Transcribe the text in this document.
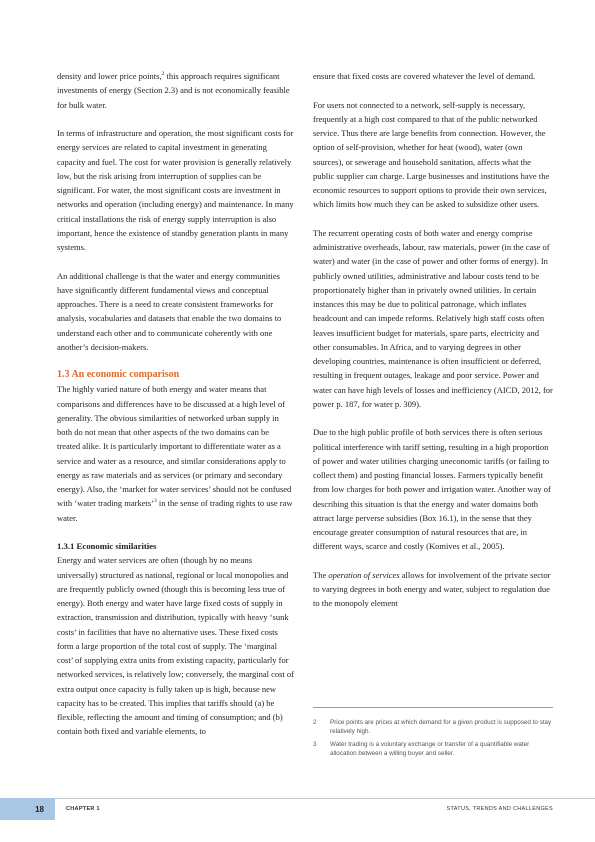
density and lower price points,$^2$ this approach requires significant investments of energy (Section 2.3) and is not economically feasible for bulk water.

In terms of infrastructure and operation, the most significant costs for energy services are related to capital investment in generating capacity and fuel. The cost for water provision is generally relatively low, but the risk arising from interruption of supplies can be significant. For water, the most significant costs are investment in networks and operation (including energy) and maintenance. In many critical installations the risk of energy supply interruption is also important, hence the existence of standby generation plants in many systems.

An additional challenge is that the water and energy communities have significantly different fundamental views and conceptual approaches. There is a need to create consistent frameworks for analysis, vocabularies and datasets that enable the two domains to understand each other and to communicate coherently with one another’s decision-makers.

1.3 An economic comparison

The highly varied nature of both energy and water means that comparisons and differences have to be discussed at a high level of generality. The obvious similarities of networked urban supply in both do not mean that other aspects of the two domains can be treated alike. It is particularly important to differentiate water as a service and water as a resource, and similar considerations apply to energy as raw materials and as services (or primary and secondary energy). Also, the ‘market for water services’ should not be confused with ‘water trading markets’$^3$ in the sense of trading rights to use raw water.

1.3.1 Economic similarities

Energy and water services are often (though by no means universally) structured as national, regional or local monopolies and are frequently publicly owned (though this is becoming less true of energy). Both energy and water have large fixed costs of supply in extraction, transmission and distribution, typically with heavy ‘sunk costs’ in facilities that have no alternative uses. These fixed costs form a large proportion of the total cost of supply. The ‘marginal cost’ of supplying extra units from existing capacity, particularly for networked services, is relatively low; conversely, the marginal cost of extra output once capacity is fully taken up is high, because new capacity has to be created. This implies that tariffs should (a) be flexible, reflecting the amount and timing of consumption; and (b) contain both fixed and variable elements, to

ensure that fixed costs are covered whatever the level of demand.

For users not connected to a network, self-supply is necessary, frequently at a high cost compared to that of the public networked service. Thus there are large benefits from connection. However, the option of self-provision, whether for heat (wood), water (own sources), or sewerage and household sanitation, affects what the public supplier can charge. Large businesses and institutions have the economic resources to support options to provide their own services, which limits how much they can be asked to subsidize other users.

The recurrent operating costs of both water and energy comprise administrative overheads, labour, raw materials, power (in the case of water) and water (in the case of power and other forms of energy). In publicly owned utilities, administrative and labour costs tend to be proportionately higher than in privately owned utilities. In certain instances this may be due to political patronage, which inflates headcount and can impede reforms. Relatively high staff costs often leaves insufficient budget for materials, spare parts, electricity and other consumables. In Africa, and to varying degrees in other developing countries, maintenance is often insufficient or deferred, resulting in frequent outages, leakage and poor service. Power and water can have high levels of losses and inefficiency (AICD, 2012, for power p. 187, for water p. 309).

Due to the high public profile of both services there is often serious political interference with tariff setting, resulting in a high proportion of power and water utilities charging uneconomic tariffs (or failing to collect them) and posting financial losses. Farmers typically benefit from low charges for both power and irrigation water. Another way of describing this situation is that the energy and water domains both attract large perverse subsidies (Box 16.1), in the sense that they encourage greater consumption of natural resources that are, in different ways, scarce and costly (Komives et al., 2005).

The operation of services allows for involvement of the private sector to varying degrees in both energy and water, subject to regulation due to the monopoly element

2	Price points are prices at which demand for a given product is supposed to stay relatively high.
3	Water trading is a voluntary exchange or transfer of a quantifiable water allocation between a willing buyer and seller.
18	CHAPTER 1	STATUS, TRENDS AND CHALLENGES
